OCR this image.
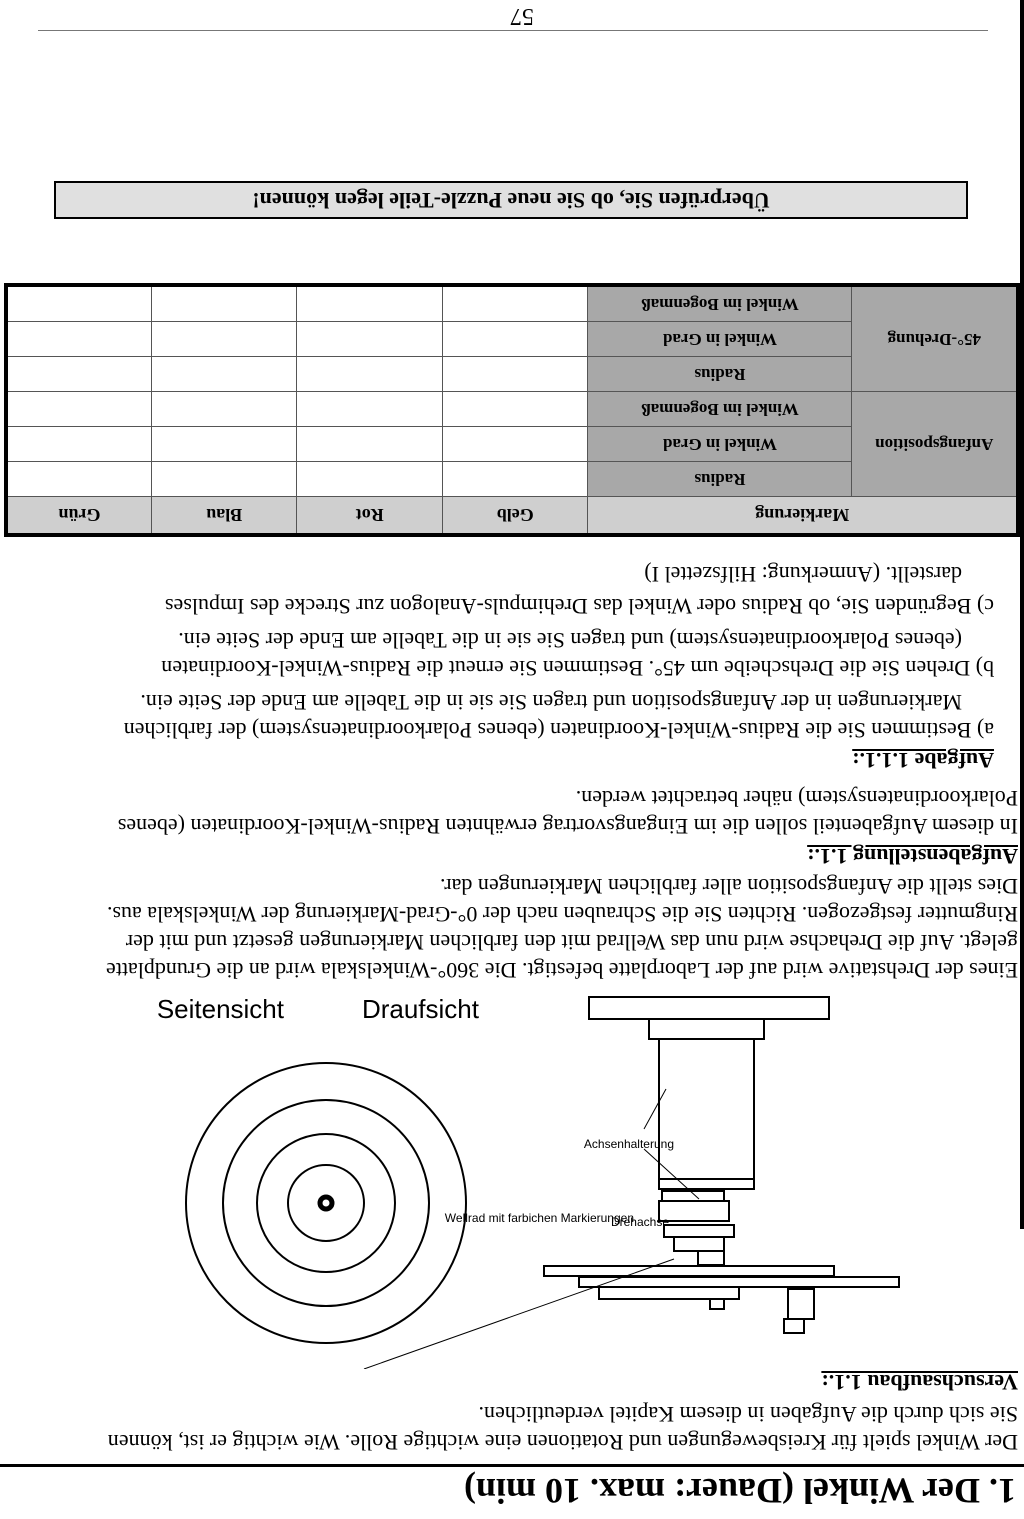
1. Der Winkel (Dauer: max. 10 min)
Der Winkel spielt für Kreisbewegungen und Rotationen eine wichtige Rolle. Wie wichtig er ist, können
Sie sich durch die Aufgaben in diesem Kapitel verdeutlichen.
Versuchsaufbau 1.1.:
Wellrad mit farbichen Markierungen
Drehachse
Achsenhalterung
Draufsicht
Seitensicht
Eines der Drehstative wird auf der Laborplatte befestigt. Die 360°-Winkelskala wird an die Grundplatte
gelegt. Auf die Drehachse wird nun das Wellrad mit den farblichen Markierungen gesetzt und mit der
Ringmutter festgezogen. Richten Sie die Schrauben nach der 0°-Grad-Markierung der Winkelskala aus.
Dies stellt die Anfangsposition aller farblichen Markierungen dar.
Aufgabenstellung 1.1.:
In diesem Aufgabenteil sollen die im Eingangsvortrag erwähnten Radius-Winkel-Koordinaten (ebenes
Polarkoordinatensystem) näher betrachtet werden.
Aufgabe 1.1.1.:
a) Bestimmen Sie die Radius-Winkel-Koordinaten (ebenes Polarkoordinatensystem) der farblichen
Markierungen in der Anfangsposition und tragen Sie sie in die Tabelle am Ende der Seite ein.
b) Drehen Sie die Drehscheibe um 45°. Bestimmen Sie erneut die Radius-Winkel-Koordinaten
(ebenes Polarkoordinatensystem) und tragen Sie sie in die Tabelle am Ende der Seite ein.
c) Begründen Sie, ob Radius oder Winkel das Drehimpuls-Analogon zur Strecke des Impulses
darstellt. (Anmerkung: Hilfszettel I)
Markierung		Gelb	Rot	Blau	Grün
Anfangsposition	Radius				
	Winkel in Grad				
	Winkel im Bogenmaß				
45°-Drehung	Radius				
	Winkel in Grad				
	Winkel im Bogenmaß				
Überprüfen Sie, ob Sie neue Puzzle-Teile legen können!
57
